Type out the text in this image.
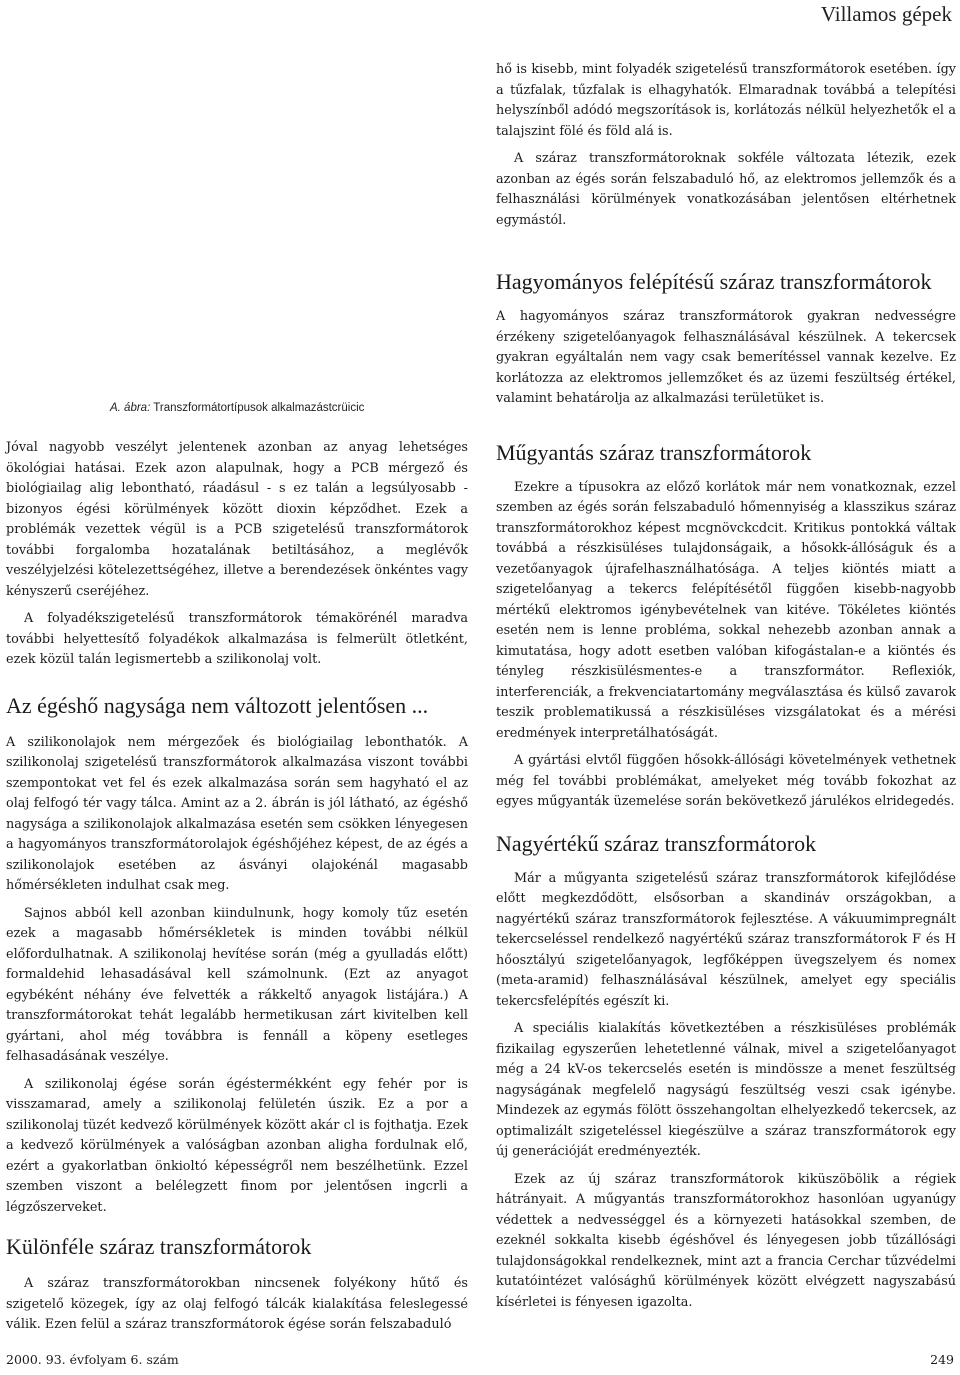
Villamos gépek
A. ábra: Transzformátortípusok alkalmazástcrüicic

Jóval nagyobb veszélyt jelentenek azonban az anyag lehetséges ökológiai hatásai. Ezek azon alapulnak, hogy a PCB mérgező és biológiailag alig lebontható, ráadásul - s ez talán a legsúlyosabb - bizonyos égési körülmények között dioxin képződhet. Ezek a problémák vezettek végül is a PCB szigetelésű transzformátorok további forgalomba hozatalának betiltásához, a meglévők veszélyjelzési kötelezettségéhez, illetve a berendezések önkéntes vagy kényszerű cseréjéhez.

A folyadékszigetelésű transzformátorok témakörénél maradva további helyettesítő folyadékok alkalmazása is felmerült ötletként, ezek közül talán legismertebb a szilikonolaj volt.

Az égéshő nagysága nem változott jelentősen ...

A szilikonolajok nem mérgezőek és biológiailag lebonthatók. A szilikonolaj szigetelésű transzformátorok alkalmazása viszont további szempontokat vet fel és ezek alkalmazása során sem hagyható el az olaj felfogó tér vagy tálca. Amint az a 2. ábrán is jól látható, az égéshő nagysága a szilikonolajok alkalmazása esetén sem csökken lényegesen a hagyományos transzformátorolajok égéshőjéhez képest, de az égés a szilikonolajok esetében az ásványi olajokénál magasabb hőmérsékleten indulhat csak meg.

Sajnos abból kell azonban kiindulnunk, hogy komoly tűz esetén ezek a magasabb hőmérsékletek is minden további nélkül előfordulhatnak. A szilikonolaj hevítése során (még a gyulladás előtt) formaldehid lehasadásával kell számolnunk. (Ezt az anyagot egybéként néhány éve felvették a rákkeltő anyagok listájára.) A transzformátorokat tehát legalább hermetikusan zárt kivitelben kell gyártani, ahol még továbbra is fennáll a köpeny esetleges felhasadásának veszélye.

A szilikonolaj égése során égéstermékként egy fehér por is visszamarad, amely a szilikonolaj felületén úszik. Ez a por a szilikonolaj tüzét kedvező körülmények között akár cl is fojthatja. Ezek a kedvező körülmények a valóságban azonban aligha fordulnak elő, ezért a gyakorlatban önkioltó képességről nem beszélhetünk. Ezzel szemben viszont a belélegzett finom por jelentősen ingcrli a légzőszerveket.

Különféle száraz transzformátorok

A száraz transzformátorokban nincsenek folyékony hűtő és szigetelő közegek, így az olaj felfogó tálcák kialakítása feleslegessé válik. Ezen felül a száraz transzformátorok égése során felszabaduló

hő is kisebb, mint folyadék szigetelésű transzformátorok esetében. így a tűzfalak, tűzfalak is elhagyhatók. Elmaradnak továbbá a telepítési helyszínből adódó megszorítások is, korlátozás nélkül helyezhetők el a talajszint fölé és föld alá is.

A száraz transzformátoroknak sokféle változata létezik, ezek azonban az égés során felszabaduló hő, az elektromos jellemzők és a felhasználási körülmények vonatkozásában jelentősen eltérhetnek egymástól.

Hagyományos felépítésű száraz transzformátorok

A hagyományos száraz transzformátorok gyakran nedvességre érzékeny szigetelőanyagok felhasználásával készülnek. A tekercsek gyakran egyáltalán nem vagy csak bemerítéssel vannak kezelve. Ez korlátozza az elektromos jellemzőket és az üzemi feszültség értékel, valamint behatárolja az alkalmazási területüket is.

Műgyantás száraz transzformátorok

Ezekre a típusokra az előző korlátok már nem vonatkoznak, ezzel szemben az égés során felszabaduló hőmennyiség a klasszikus száraz transzformátorokhoz képest mcgnövckcdcit. Kritikus pontokká váltak továbbá a részkisüléses tulajdonságaik, a hősokk-állóságuk és a vezetőanyagok újrafelhasználhatósága. A teljes kiöntés miatt a szigetelőanyag a tekercs felépítésétől függően kisebb-nagyobb mértékű elektromos igénybevételnek van kitéve. Tökéletes kiöntés esetén nem is lenne probléma, sokkal nehezebb azonban annak a kimutatása, hogy adott esetben valóban kifogástalan-e a kiöntés és tényleg részkisülésmentes-e a transzformátor. Reflexiók, interferenciák, a frekvenciatartomány megválasztása és külső zavarok teszik problematikussá a részkisüléses vizsgálatokat és a mérési eredmények interpretálhatóságát.

A gyártási elvtől függően hősokk-állósági követelmények vethetnek még fel további problémákat, amelyeket még tovább fokozhat az egyes műgyanták üzemelése során bekövetkező járulékos elridegedés.

Nagyértékű száraz transzformátorok

Már a műgyanta szigetelésű száraz transzformátorok kifejlődése előtt megkezdődött, elsősorban a skandináv országokban, a nagyértékű száraz transzformátorok fejlesztése. A vákuumimpregnált tekercseléssel rendelkező nagyértékű száraz transzformátorok F és H hőosztályú szigetelőanyagok, legfőképpen üvegszelyem és nomex (meta-aramid) felhasználásával készülnek, amelyet egy speciális tekercsfelépítés egészít ki.

A speciális kialakítás következtében a részkisüléses problémák fizikailag egyszerűen lehetetlenné válnak, mivel a szigetelőanyagot még a 24 kV-os tekercselés esetén is mindössze a menet feszültség nagyságának megfelelő nagyságú feszültség veszi csak igénybe. Mindezek az egymás fölött összehangoltan elhelyezkedő tekercsek, az optimalizált szigeteléssel kiegészülve a száraz transzformátorok egy új generációját eredményezték.

Ezek az új száraz transzformátorok kiküszöbölik a régiek hátrányait. A műgyantás transzformátorokhoz hasonlóan ugyanúgy védettek a nedvességgel és a környezeti hatásokkal szemben, de ezeknél sokkalta kisebb égéshővel és lényegesen jobb tűzállósági tulajdonságokkal rendelkeznek, mint azt a francia Cerchar tűzvédelmi kutatóintézet valósághű körülmények között elvégzett nagyszabású kísérletei is fényesen igazolta.

2000. 93. évfolyam 6. szám	249
